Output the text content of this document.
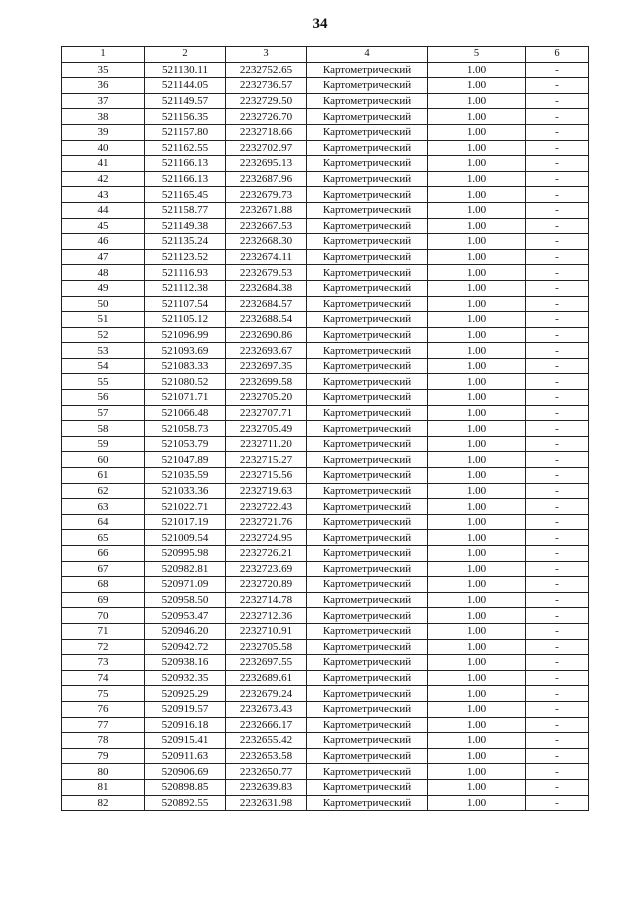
34
1	2	3	4	5	6
35	521130.11	2232752.65	Картометрический	1.00	-
36	521144.05	2232736.57	Картометрический	1.00	-
37	521149.57	2232729.50	Картометрический	1.00	-
38	521156.35	2232726.70	Картометрический	1.00	-
39	521157.80	2232718.66	Картометрический	1.00	-
40	521162.55	2232702.97	Картометрический	1.00	-
41	521166.13	2232695.13	Картометрический	1.00	-
42	521166.13	2232687.96	Картометрический	1.00	-
43	521165.45	2232679.73	Картометрический	1.00	-
44	521158.77	2232671.88	Картометрический	1.00	-
45	521149.38	2232667.53	Картометрический	1.00	-
46	521135.24	2232668.30	Картометрический	1.00	-
47	521123.52	2232674.11	Картометрический	1.00	-
48	521116.93	2232679.53	Картометрический	1.00	-
49	521112.38	2232684.38	Картометрический	1.00	-
50	521107.54	2232684.57	Картометрический	1.00	-
51	521105.12	2232688.54	Картометрический	1.00	-
52	521096.99	2232690.86	Картометрический	1.00	-
53	521093.69	2232693.67	Картометрический	1.00	-
54	521083.33	2232697.35	Картометрический	1.00	-
55	521080.52	2232699.58	Картометрический	1.00	-
56	521071.71	2232705.20	Картометрический	1.00	-
57	521066.48	2232707.71	Картометрический	1.00	-
58	521058.73	2232705.49	Картометрический	1.00	-
59	521053.79	2232711.20	Картометрический	1.00	-
60	521047.89	2232715.27	Картометрический	1.00	-
61	521035.59	2232715.56	Картометрический	1.00	-
62	521033.36	2232719.63	Картометрический	1.00	-
63	521022.71	2232722.43	Картометрический	1.00	-
64	521017.19	2232721.76	Картометрический	1.00	-
65	521009.54	2232724.95	Картометрический	1.00	-
66	520995.98	2232726.21	Картометрический	1.00	-
67	520982.81	2232723.69	Картометрический	1.00	-
68	520971.09	2232720.89	Картометрический	1.00	-
69	520958.50	2232714.78	Картометрический	1.00	-
70	520953.47	2232712.36	Картометрический	1.00	-
71	520946.20	2232710.91	Картометрический	1.00	-
72	520942.72	2232705.58	Картометрический	1.00	-
73	520938.16	2232697.55	Картометрический	1.00	-
74	520932.35	2232689.61	Картометрический	1.00	-
75	520925.29	2232679.24	Картометрический	1.00	-
76	520919.57	2232673.43	Картометрический	1.00	-
77	520916.18	2232666.17	Картометрический	1.00	-
78	520915.41	2232655.42	Картометрический	1.00	-
79	520911.63	2232653.58	Картометрический	1.00	-
80	520906.69	2232650.77	Картометрический	1.00	-
81	520898.85	2232639.83	Картометрический	1.00	-
82	520892.55	2232631.98	Картометрический	1.00	-
